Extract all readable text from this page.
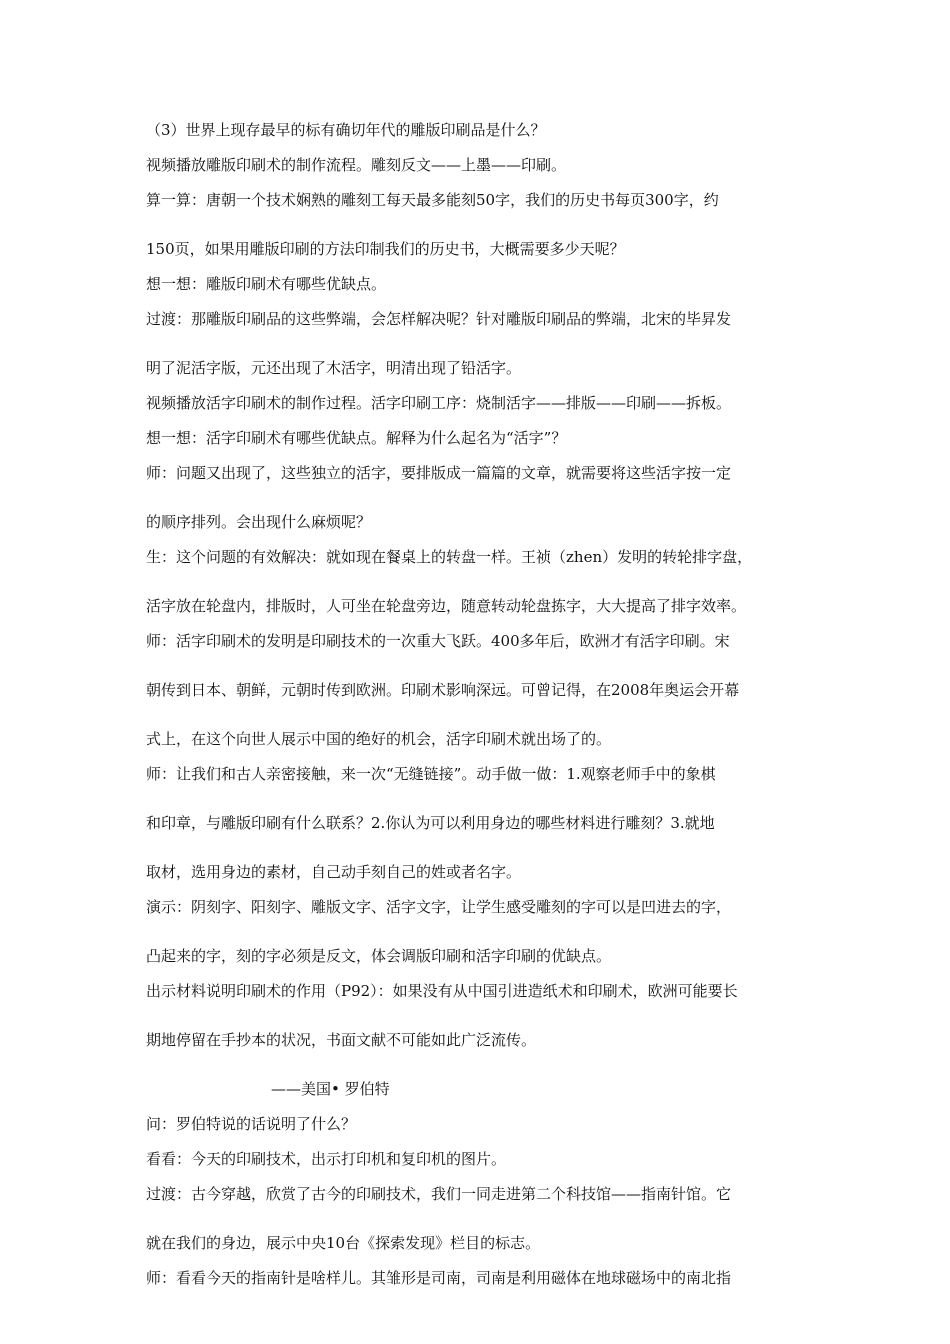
（3）世界上现存最早的标有确切年代的雕版印刷品是什么？

视频播放雕版印刷术的制作流程。雕刻反文——上墨——印刷。

算一算：唐朝一个技术娴熟的雕刻工每天最多能刻50字，我们的历史书每页300字，约

150页，如果用雕版印刷的方法印制我们的历史书，大概需要多少天呢？

想一想：雕版印刷术有哪些优缺点。

过渡：那雕版印刷品的这些弊端，会怎样解决呢？针对雕版印刷品的弊端，北宋的毕昇发

明了泥活字版，元还出现了木活字，明清出现了铅活字。

视频播放活字印刷术的制作过程。活字印刷工序：烧制活字——排版——印刷——拆板。

想一想：活字印刷术有哪些优缺点。解释为什么起名为“活字”？

师：问题又出现了，这些独立的活字，要排版成一篇篇的文章，就需要将这些活字按一定

的顺序排列。会出现什么麻烦呢？

生：这个问题的有效解决：就如现在餐桌上的转盘一样。王祯（zhen）发明的转轮排字盘，

活字放在轮盘内，排版时，人可坐在轮盘旁边，随意转动轮盘拣字，大大提高了排字效率。

师：活字印刷术的发明是印刷技术的一次重大飞跃。400多年后，欧洲才有活字印刷。宋

朝传到日本、朝鲜，元朝时传到欧洲。印刷术影响深远。可曾记得，在2008年奥运会开幕

式上，在这个向世人展示中国的绝好的机会，活字印刷术就出场了的。

师：让我们和古人亲密接触，来一次“无缝链接”。动手做一做：1.观察老师手中的象棋

和印章，与雕版印刷有什么联系？2.你认为可以利用身边的哪些材料进行雕刻？3.就地

取材，选用身边的素材，自己动手刻自己的姓或者名字。

演示：阴刻字、阳刻字、雕版文字、活字文字，让学生感受雕刻的字可以是凹进去的字，

凸起来的字，刻的字必须是反文，体会调版印刷和活字印刷的优缺点。

出示材料说明印刷术的作用（P92）：如果没有从中国引进造纸术和印刷术，欧洲可能要长

期地停留在手抄本的状况，书面文献不可能如此广泛流传。

——美国• 罗伯特

问：罗伯特说的话说明了什么？

看看：今天的印刷技术，出示打印机和复印机的图片。

过渡：古今穿越，欣赏了古今的印刷技术，我们一同走进第二个科技馆——指南针馆。它

就在我们的身边，展示中央10台《探索发现》栏目的标志。

师：看看今天的指南针是啥样儿。其雏形是司南，司南是利用磁体在地球磁场中的南北指
